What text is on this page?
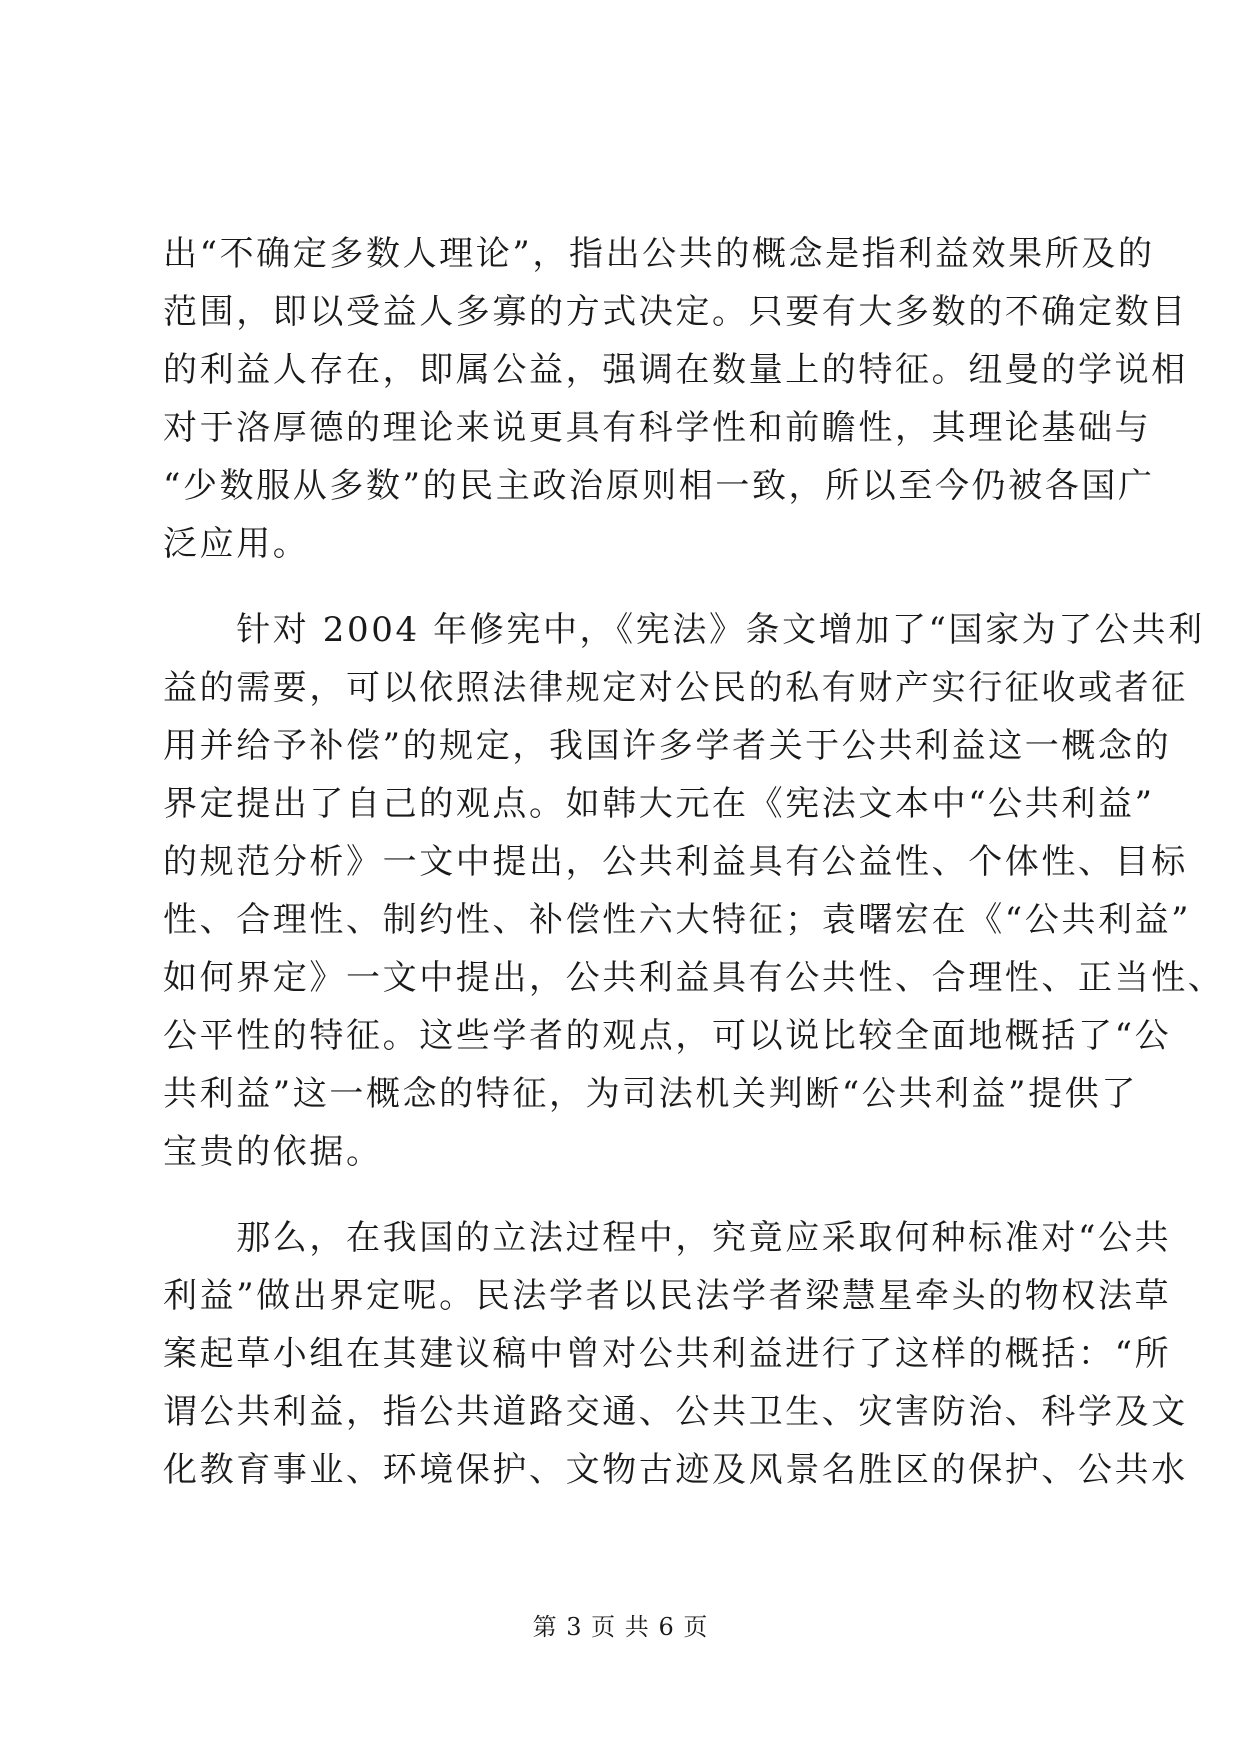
出“不确定多数人理论”，指出公共的概念是指利益效果所及的
范围，即以受益人多寡的方式决定。只要有大多数的不确定数目
的利益人存在，即属公益，强调在数量上的特征。纽曼的学说相
对于洛厚德的理论来说更具有科学性和前瞻性，其理论基础与
“少数服从多数”的民主政治原则相一致，所以至今仍被各国广
泛应用。
　　针对 2004 年修宪中，《宪法》条文增加了“国家为了公共利
益的需要，可以依照法律规定对公民的私有财产实行征收或者征
用并给予补偿”的规定，我国许多学者关于公共利益这一概念的
界定提出了自己的观点。如韩大元在《宪法文本中“公共利益”
的规范分析》一文中提出，公共利益具有公益性、个体性、目标
性、合理性、制约性、补偿性六大特征；袁曙宏在《“公共利益”
如何界定》一文中提出，公共利益具有公共性、合理性、正当性、
公平性的特征。这些学者的观点，可以说比较全面地概括了“公
共利益”这一概念的特征，为司法机关判断“公共利益”提供了
宝贵的依据。
　　那么，在我国的立法过程中，究竟应采取何种标准对“公共
利益”做出界定呢。民法学者以民法学者梁慧星牵头的物权法草
案起草小组在其建议稿中曾对公共利益进行了这样的概括：“所
谓公共利益，指公共道路交通、公共卫生、灾害防治、科学及文
化教育事业、环境保护、文物古迹及风景名胜区的保护、公共水
第 3 页 共 6 页
